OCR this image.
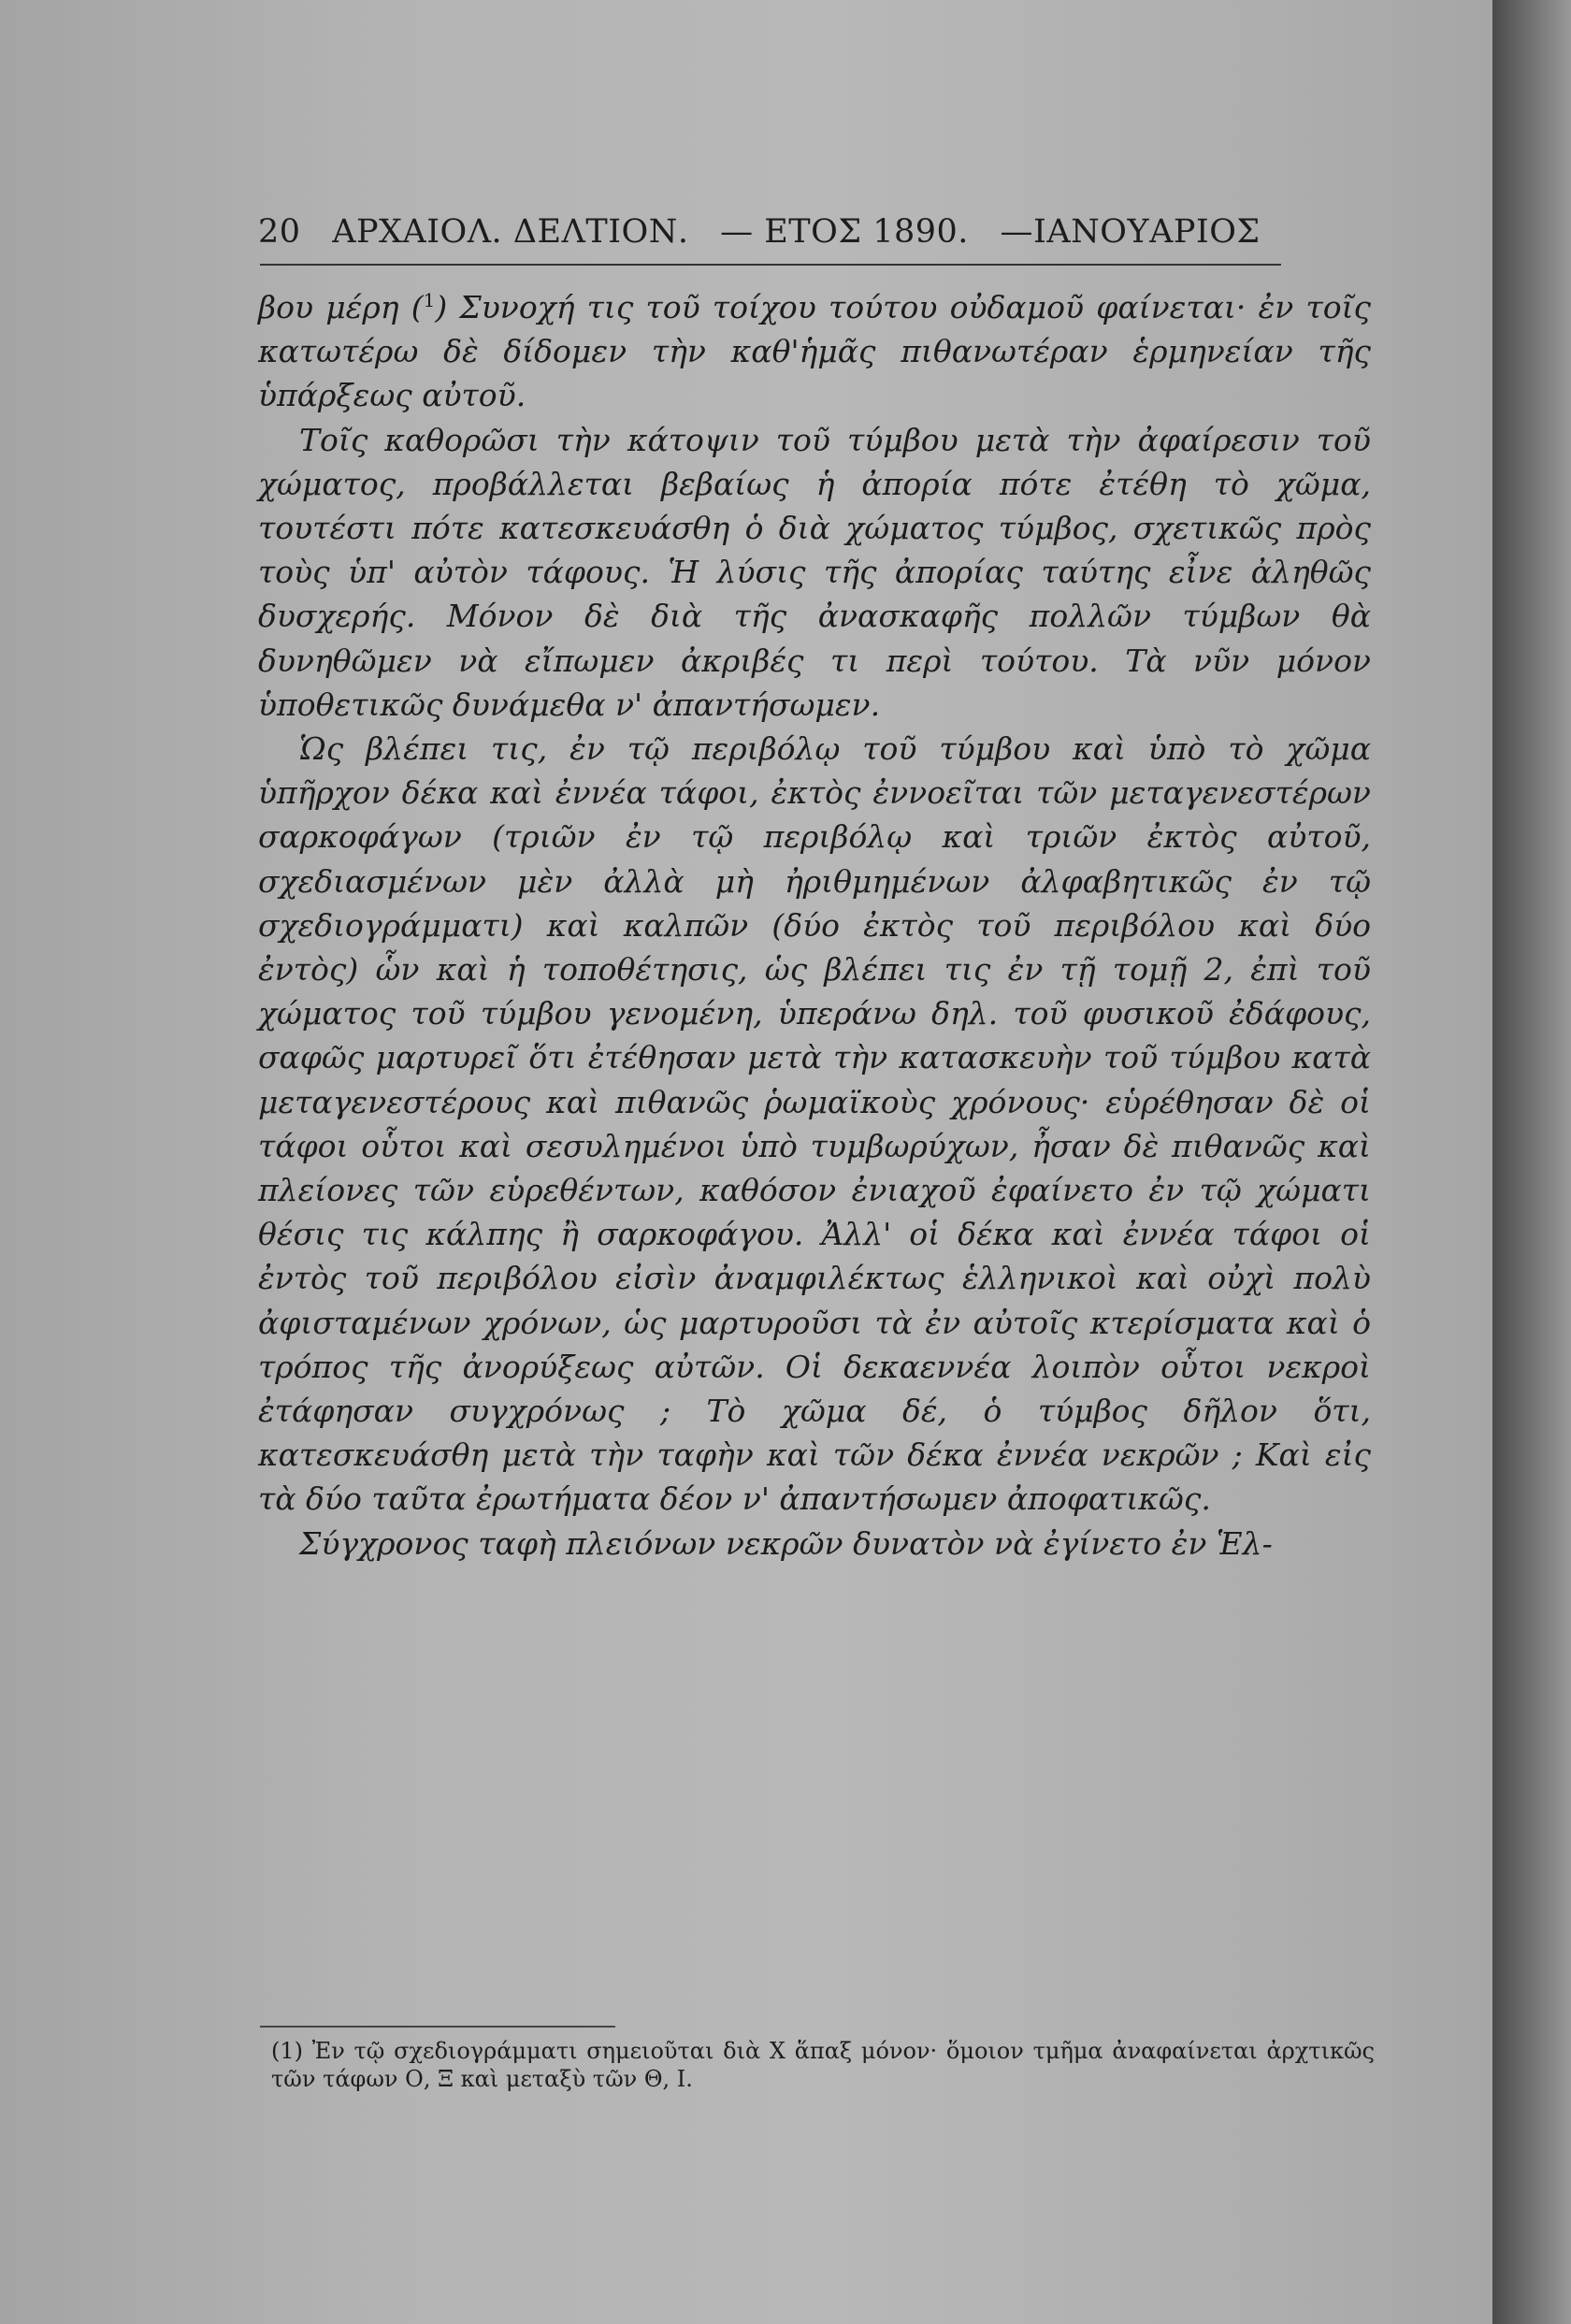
20 ΑΡΧΑΙΟΛ. ΔΕΛΤΙΟΝ. — ΕΤΟΣ 1890. —ΙΑΝΟΥΑΡΙΟΣ

βου μέρη ($^1$) Συνοχή τις τοῦ τοίχου τούτου οὐδαμοῦ φαίνεται· ἐν τοῖς κατωτέρω δὲ δίδομεν τὴν καθ'ἡμᾶς πιθανωτέραν ἑρμηνείαν τῆς ὑπάρξεως αὐτοῦ.

Τοῖς καθορῶσι τὴν κάτοψιν τοῦ τύμβου μετὰ τὴν ἀφαίρεσιν τοῦ χώματος, προβάλλεται βεβαίως ἡ ἀπορία πότε ἐτέθη τὸ χῶμα, τουτέστι πότε κατεσκευάσθη ὁ διὰ χώματος τύμβος, σχετικῶς πρὸς τοὺς ὑπ' αὐτὸν τάφους. Ἡ λύσις τῆς ἀπορίας ταύτης εἶνε ἀληθῶς δυσχερής. Μόνον δὲ διὰ τῆς ἀνασκαφῆς πολλῶν τύμβων θὰ δυνηθῶμεν νὰ εἴπωμεν ἀκριβές τι περὶ τούτου. Τὰ νῦν μόνον ὑποθετικῶς δυνάμεθα ν' ἀπαντήσωμεν.

Ὡς βλέπει τις, ἐν τῷ περιβόλῳ τοῦ τύμβου καὶ ὑπὸ τὸ χῶμα ὑπῆρχον δέκα καὶ ἐννέα τάφοι, ἐκτὸς ἐννοεῖται τῶν μεταγενεστέρων σαρκοφάγων (τριῶν ἐν τῷ περιβόλῳ καὶ τριῶν ἐκτὸς αὐτοῦ, σχεδιασμένων μὲν ἀλλὰ μὴ ἠριθμημένων ἀλφαβητικῶς ἐν τῷ σχεδιογράμματι) καὶ καλπῶν (δύο ἐκτὸς τοῦ περιβόλου καὶ δύο ἐντὸς) ὧν καὶ ἡ τοποθέτησις, ὡς βλέπει τις ἐν τῇ τομῇ 2, ἐπὶ τοῦ χώματος τοῦ τύμβου γενομένη, ὑπεράνω δηλ. τοῦ φυσικοῦ ἐδάφους, σαφῶς μαρτυρεῖ ὅτι ἐτέθησαν μετὰ τὴν κατασκευὴν τοῦ τύμβου κατὰ μεταγενεστέρους καὶ πιθανῶς ῥωμαϊκοὺς χρόνους· εὑρέθησαν δὲ οἱ τάφοι οὗτοι καὶ σεσυλημένοι ὑπὸ τυμβωρύχων, ἦσαν δὲ πιθανῶς καὶ πλείονες τῶν εὑρεθέντων, καθόσον ἐνιαχοῦ ἐφαίνετο ἐν τῷ χώματι θέσις τις κάλπης ἢ σαρκοφάγου. Ἀλλ' οἱ δέκα καὶ ἐννέα τάφοι οἱ ἐντὸς τοῦ περιβόλου εἰσὶν ἀναμφιλέκτως ἑλληνικοὶ καὶ οὐχὶ πολὺ ἀφισταμένων χρόνων, ὡς μαρτυροῦσι τὰ ἐν αὐτοῖς κτερίσματα καὶ ὁ τρόπος τῆς ἀνορύξεως αὐτῶν. Οἱ δεκαεννέα λοιπὸν οὗτοι νεκροὶ ἐτάφησαν συγχρόνως ; Τὸ χῶμα δέ, ὁ τύμβος δῆλον ὅτι, κατεσκευάσθη μετὰ τὴν ταφὴν καὶ τῶν δέκα ἐννέα νεκρῶν ; Καὶ εἰς τὰ δύο ταῦτα ἐρωτήματα δέον ν' ἀπαντήσωμεν ἀποφατικῶς.

Σύγχρονος ταφὴ πλειόνων νεκρῶν δυνατὸν νὰ ἐγίνετο ἐν Ἑλ-

(1) Ἐν τῷ σχεδιογράμματι σημειοῦται διὰ Χ ἅπαξ μόνον· ὅμοιον τμῆμα ἀναφαίνεται ἀρχτικῶς τῶν τάφων Ο, Ξ καὶ μεταξὺ τῶν Θ, Ι.
